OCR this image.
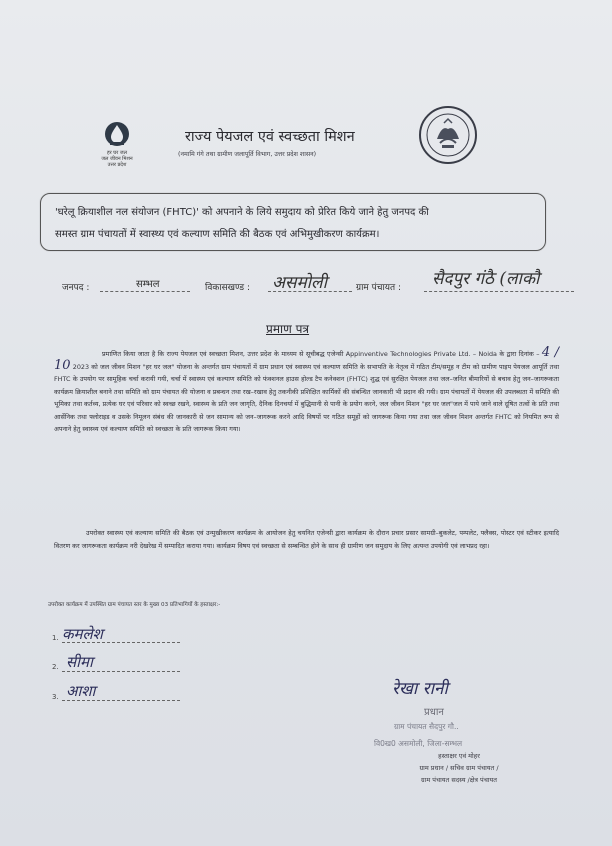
हर घर जल
जल जीवन मिशन
उत्तर प्रदेश
राज्य पेयजल एवं स्वच्छता मिशन
(नमामि गंगे तथा ग्रामीण जलापूर्ति विभाग, उत्तर प्रदेश शासन)
'घरेलू क्रियाशील नल संयोजन (FHTC)' को अपनाने के लिये समुदाय को प्रेरित किये जाने हेतु जनपद की
समस्त ग्राम पंचायतों में स्वास्थ्य एवं कल्याण समिति की बैठक एवं अभिमुखीकरण कार्यक्रम।
जनपद :	सम्भल	विकासखण्ड : असमोली	ग्राम पंचायत : सैदपुर गंठै (लाकौ
प्रमाण पत्र
प्रमाणित किया जाता है कि राज्य पेयजल एवं स्वच्छता मिशन, उत्तर प्रदेश के माध्यम से सूचीबद्ध एजेन्सी Appinventive Technologies Private Ltd. – Noida के द्वारा दिनांक – 4 / 10 2023 को जल जीवन मिशन "हर घर जल" योजना के अन्तर्गत ग्राम पंचायतों में ग्राम प्रधान एवं स्वास्थ्य एवं कल्याण समिति के सभापति के नेतृत्व में गठित टीम/समूह न टीम को ग्रामीण पाइप पेयजल आपूर्ति तथा FHTC के उपयोग पर सामूहिक चर्चा करायी गयी, चर्चा में स्वास्थ्य एवं कल्याण समिति को फंक्शनल हाउस होल्ड टैप कनेक्शन (FHTC) शुद्ध एवं सुरक्षित पेयजल तथा जल–जनित बीमारियों से बचाव हेतु जन–जागरूकता कार्यक्रम क्रियाशील बनाने तथा समिति को ग्राम पंचायत की योजना व प्रबन्धन तथा रख–रखाव हेतु तकनीकी प्रशिक्षित कार्मिकों की संबन्धित जानकारी भी प्रदान की गयी। ग्राम पंचायतों में पेयजल की उपलब्धता में समिति की भूमिका तथा कर्तव्य, प्रत्येक घर एवं परिवार को स्वच्छ रखने, स्वास्थ्य के प्रति जन जागृति, दैनिक दिनचर्या में बुद्धिमानी से पानी के प्रयोग करने, जल जीवन मिशन "हर घर जल"जल में पाये जाने वाले दूषित तत्वों के प्रति तथा आर्सेनिक तथा फ्लोराइड व उसके निमूलन संबंध की जानकारी से जन सामान्य को जन–जागरूक करने आदि विषयों पर गठित समूहों को जागरूक किया गया तथा जल जीवन मिशन अन्तर्गत FHTC को नियमित रूप से अपनाने हेतु स्वास्थ्य एवं कल्याण समिति को स्वच्छता के प्रति जागरूक किया गया।
उपरोक्त स्वास्थ्य एवं कल्याण समिति की बैठक एवं उन्मुखीकरण कार्यक्रम के आयोजन हेतु चयनित एजेन्सी द्वारा कार्यक्रम के दौरान प्रचार प्रसार सामग्री–बुकलेट, पम्पलेट, फ्लैक्स, पोस्टर एवं स्टीकर इत्यादि वितरण कर जागरूकता कार्यक्रम नरी देखरेख में सम्पादित कराया गया। कार्यक्रम विषय एवं स्वच्छता से सम्बन्धित होने के साथ ही ग्रामीण जन समुदाय के लिए अत्यन्त उपयोगी एवं लाभप्रद रहा।
उपरोक्त कार्यक्रम में उपस्थित ग्राम पंचायत स्तर के मुख्य 03 प्रतिभागियों के हस्ताक्षर:-
1. कमलेश
2. सीमा
3. आशा	रेखा रानी
प्रधान
ग्राम पंचायत सैदपुर गौ..
वि0ख0 असमोली, जिला-सम्भल
हस्ताक्षर एवं मोहर
ग्राम प्रधान / सचिव ग्राम पंचायत /
ग्राम पंचायत सदस्य /क्षेत्र पंचायत
